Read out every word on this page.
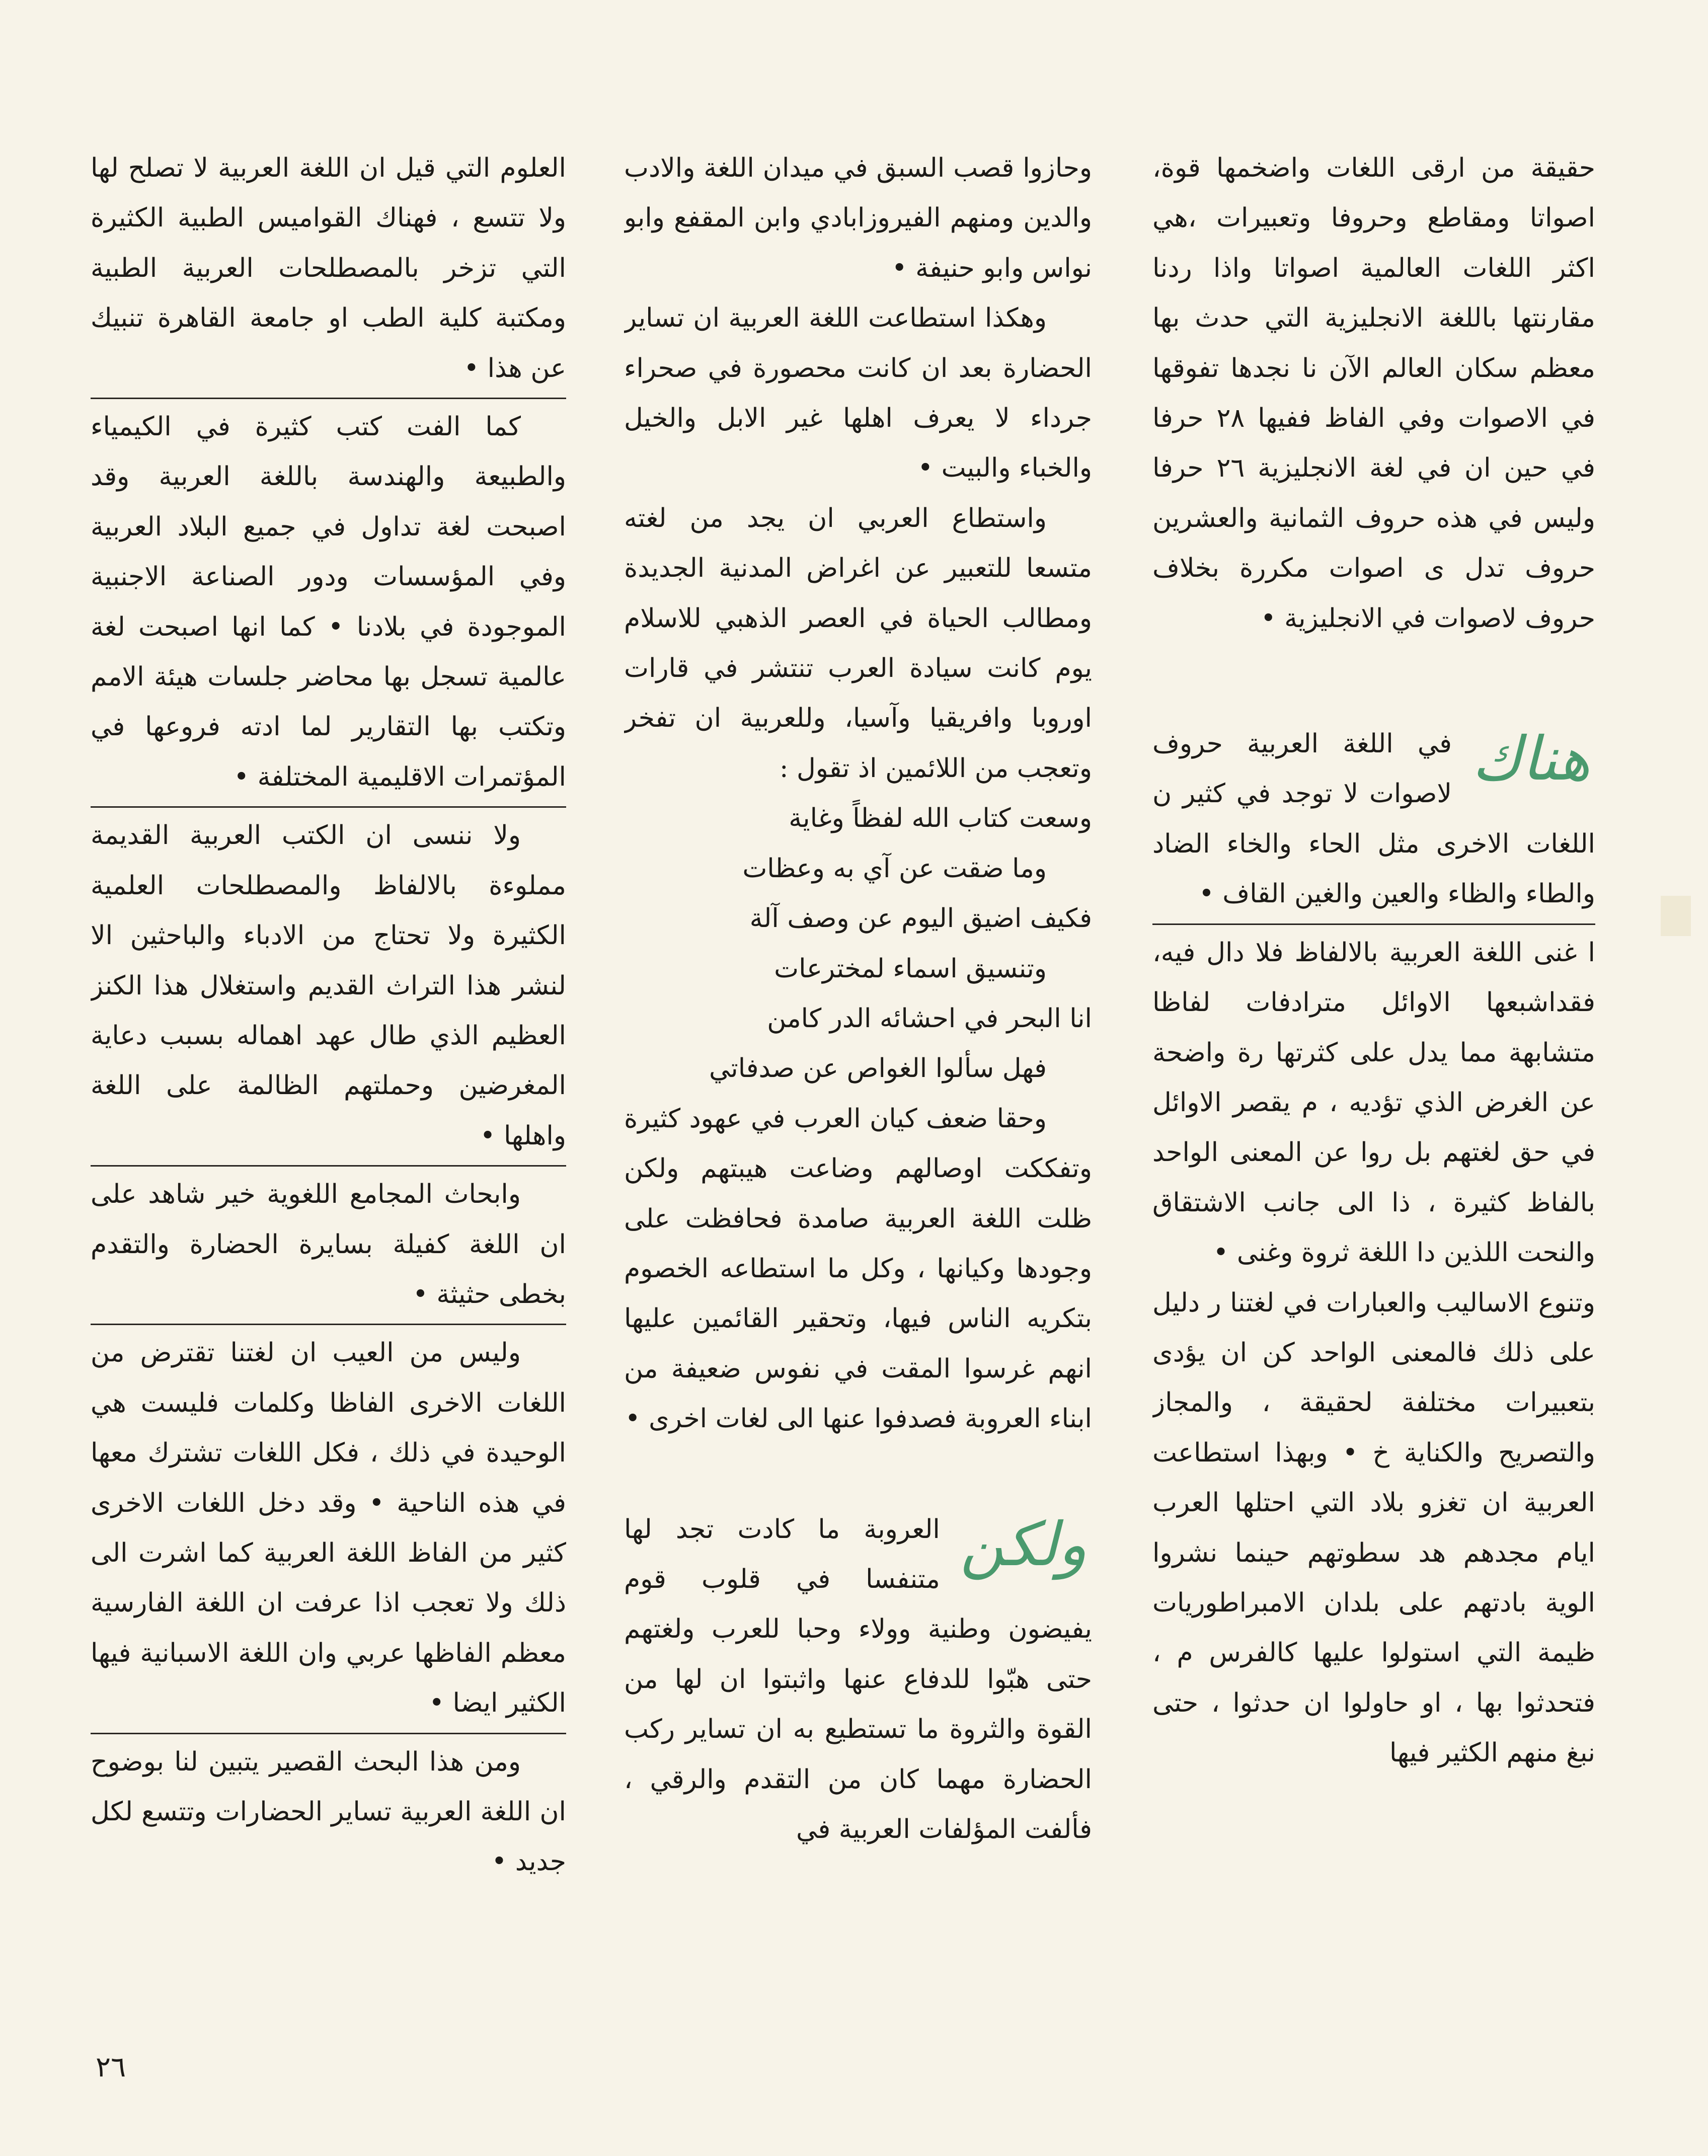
حقيقة من ارقى اللغات واضخمها قوة، اصواتا ومقاطع وحروفا وتعبيرات ،هي اكثر اللغات العالمية اصواتا واذا ردنا مقارنتها باللغة الانجليزية التي حدث بها معظم سكان العالم الآن نا نجدها تفوقها في الاصوات وفي الفاظ ففيها ٢٨ حرفا في حين ان في لغة الانجليزية ٢٦ حرفا وليس في هذه حروف الثمانية والعشرين حروف تدل ى اصوات مكررة بخلاف حروف لاصوات في الانجليزية •

هناك

في اللغة العربية حروف لاصوات لا توجد في كثير ن اللغات الاخرى مثل الحاء والخاء الضاد والطاء والظاء والعين والغين القاف •

ا غنى اللغة العربية بالالفاظ فلا دال فيه، فقداشبعها الاوائل مترادفات لفاظا متشابهة مما يدل على كثرتها رة واضحة عن الغرض الذي تؤديه ، م يقصر الاوائل في حق لغتهم بل روا عن المعنى الواحد بالفاظ كثيرة ، ذا الى جانب الاشتقاق والنحت اللذين دا اللغة ثروة وغنى •

وتنوع الاساليب والعبارات في لغتنا ر دليل على ذلك فالمعنى الواحد كن ان يؤدى بتعبيرات مختلفة لحقيقة ، والمجاز والتصريح والكناية خ • وبهذا استطاعت العربية ان تغزو بلاد التي احتلها العرب ايام مجدهم هد سطوتهم حينما نشروا الوية بادتهم على بلدان الامبراطوريات ظيمة التي استولوا عليها كالفرس م ، فتحدثوا بها ، او حاولوا ان حدثوا ، حتى نبغ منهم الكثير فيها

وحازوا قصب السبق في ميدان اللغة والادب والدين ومنهم الفيروزابادي وابن المقفع وابو نواس وابو حنيفة •

وهكذا استطاعت اللغة العربية ان تساير الحضارة بعد ان كانت محصورة في صحراء جرداء لا يعرف اهلها غير الابل والخيل والخباء والبيت •

واستطاع العربي ان يجد من لغته متسعا للتعبير عن اغراض المدنية الجديدة ومطالب الحياة في العصر الذهبي للاسلام يوم كانت سيادة العرب تنتشر في قارات اوروبا وافريقيا وآسيا، وللعربية ان تفخر وتعجب من اللائمين اذ تقول :

وسعت كتاب الله لفظاً وغاية

وما ضقت عن آي به وعظات

فكيف اضيق اليوم عن وصف آلة

وتنسيق اسماء لمخترعات

انا البحر في احشائه الدر كامن

فهل سألوا الغواص عن صدفاتي

وحقا ضعف كيان العرب في عهود كثيرة وتفككت اوصالهم وضاعت هيبتهم ولكن ظلت اللغة العربية صامدة فحافظت على وجودها وكيانها ، وكل ما استطاعه الخصوم بتكريه الناس فيها، وتحقير القائمين عليها انهم غرسوا المقت في نفوس ضعيفة من ابناء العروبة فصدفوا عنها الى لغات اخرى •

ولكن

العروبة ما كادت تجد لها متنفسا في قلوب قوم يفيضون وطنية وولاء وحبا للعرب ولغتهم حتى هبّوا للدفاع عنها واثبتوا ان لها من القوة والثروة ما تستطيع به ان تساير ركب الحضارة مهما كان من التقدم والرقي ، فألفت المؤلفات العربية في

العلوم التي قيل ان اللغة العربية لا تصلح لها ولا تتسع ، فهناك القواميس الطبية الكثيرة التي تزخر بالمصطلحات العربية الطبية ومكتبة كلية الطب او جامعة القاهرة تنبيك عن هذا •

كما الفت كتب كثيرة في الكيمياء والطبيعة والهندسة باللغة العربية وقد اصبحت لغة تداول في جميع البلاد العربية وفي المؤسسات ودور الصناعة الاجنبية الموجودة في بلادنا • كما انها اصبحت لغة عالمية تسجل بها محاضر جلسات هيئة الامم وتكتب بها التقارير لما ادته فروعها في المؤتمرات الاقليمية المختلفة •

ولا ننسى ان الكتب العربية القديمة مملوءة بالالفاظ والمصطلحات العلمية الكثيرة ولا تحتاج من الادباء والباحثين الا لنشر هذا التراث القديم واستغلال هذا الكنز العظيم الذي طال عهد اهماله بسبب دعاية المغرضين وحملتهم الظالمة على اللغة واهلها •

وابحاث المجامع اللغوية خير شاهد على ان اللغة كفيلة بسايرة الحضارة والتقدم بخطى حثيثة •

وليس من العيب ان لغتنا تقترض من اللغات الاخرى الفاظا وكلمات فليست هي الوحيدة في ذلك ، فكل اللغات تشترك معها في هذه الناحية • وقد دخل اللغات الاخرى كثير من الفاظ اللغة العربية كما اشرت الى ذلك ولا تعجب اذا عرفت ان اللغة الفارسية معظم الفاظها عربي وان اللغة الاسبانية فيها الكثير ايضا •

ومن هذا البحث القصير يتبين لنا بوضوح ان اللغة العربية تساير الحضارات وتتسع لكل جديد •

٢٦
